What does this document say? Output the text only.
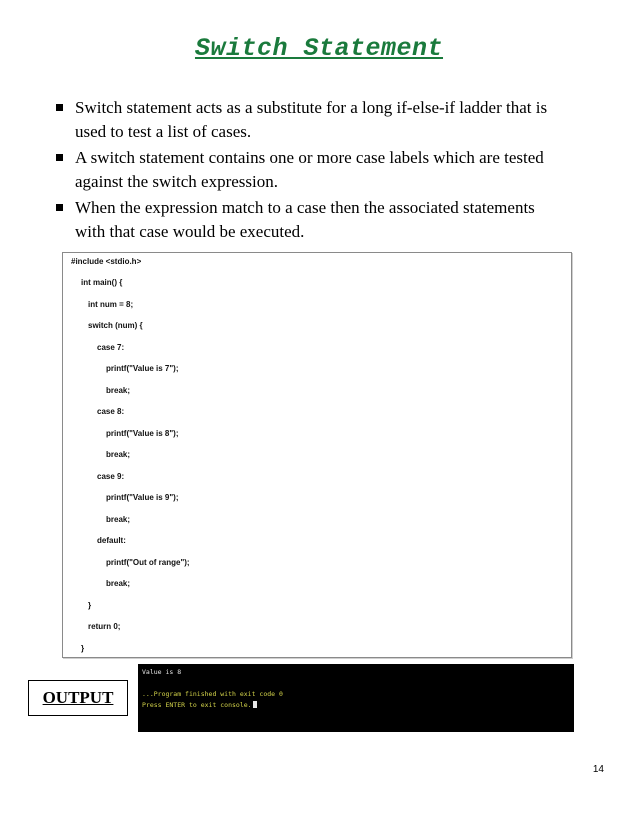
Switch Statement
Switch statement acts as a substitute for a long if-else-if ladder that is
used to test a list of cases.
A switch statement contains one or more case labels which are tested
against the switch expression.
When the expression match to a case then the associated statements
with that case would be executed.
#include <stdio.h>
int main() {
int num = 8;
switch (num) {
case 7:
printf("Value is 7");
break;
case 8:
printf("Value is 8");
break;
case 9:
printf("Value is 9");
break;
default:
printf("Out of range");
break;
}
return 0;
}
OUTPUT
Value is 8
...Program finished with exit code 0
Press ENTER to exit console.
14
